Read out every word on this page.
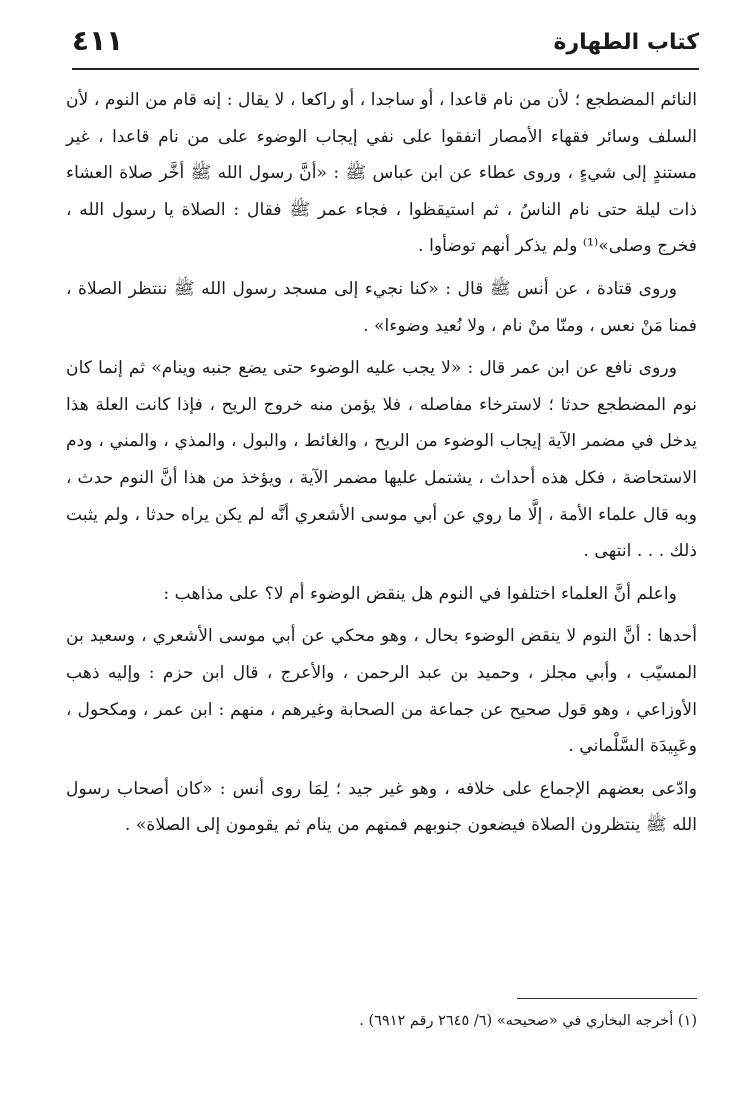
كتاب الطهارة
٤١١

النائم المضطجع ؛ لأن من نام قاعدا ، أو ساجدا ، أو راكعا ، لا يقال : إنه قام من النوم ، لأن السلف وسائر فقهاء الأمصار اتفقوا على نفي إيجاب الوضوء على من نام قاعدا ، غير مستندٍ إلى شيءٍ ، وروى عطاء عن ابن عباس ﷺ : «أنَّ رسول الله ﷺ أخَّر صلاة العشاء ذات ليلة حتى نام الناسُ ، ثم استيقظوا ، فجاء عمر ﷺ فقال : الصلاة يا رسول الله ، فخرج وصلى»⁽¹⁾ ولم يذكر أنهم توضأوا .

وروى قتادة ، عن أنس ﷺ قال : «كنا نجيء إلى مسجد رسول الله ﷺ ننتظر الصلاة ، فمنا مَنْ نعس ، ومنّا منْ نام ، ولا نُعيد وضوءا» .

وروى نافع عن ابن عمر قال : «لا يجب عليه الوضوء حتى يضع جنبه وينام» ثم إنما كان نوم المضطجع حدثا ؛ لاسترخاء مفاصله ، فلا يؤمن منه خروج الريح ، فإذا كانت العلة هذا يدخل في مضمر الآية إيجاب الوضوء من الريح ، والغائط ، والبول ، والمذي ، والمني ، ودم الاستحاضة ، فكل هذه أحداث ، يشتمل عليها مضمر الآية ، ويؤخذ من هذا أنَّ النوم حدث ، وبه قال علماء الأمة ، إلَّا ما روي عن أبي موسى الأشعري أنَّه لم يكن يراه حدثا ، ولم يثبت ذلك . . . انتهى .

واعلم أنَّ العلماء اختلفوا في النوم هل ينقض الوضوء أم لا؟ على مذاهب :

أحدها : أنَّ النوم لا ينقض الوضوء بحال ، وهو محكي عن أبي موسى الأشعري ، وسعيد بن المسيّب ، وأبي مجلز ، وحميد بن عبد الرحمن ، والأعرج ، قال ابن حزم : وإليه ذهب الأوزاعي ، وهو قول صحيح عن جماعة من الصحابة وغيرهم ، منهم : ابن عمر ، ومكحول ، وعَبِيدَة السَّلْماني .

وادّعى بعضهم الإجماع على خلافه ، وهو غير جيد ؛ لِمَا روى أنس : «كان أصحاب رسول الله ﷺ ينتظرون الصلاة فيضعون جنوبهم فمنهم من ينام ثم يقومون إلى الصلاة» .

(١) أخرجه البخاري في «صحيحه» (٦/ ٢٦٤٥ رقم ٦٩١٢) .
